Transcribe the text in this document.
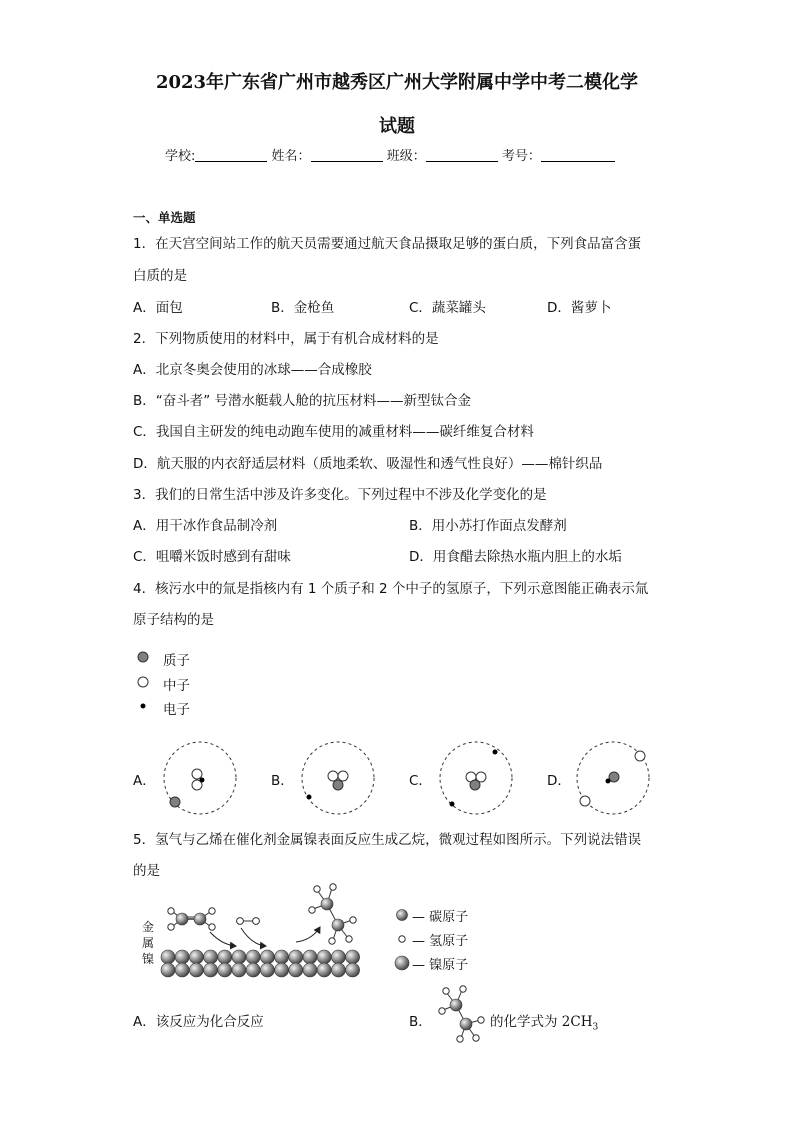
2023年广东省广州市越秀区广州大学附属中学中考二模化学
试题
学校:	姓名：	班级：	考号：
一、单选题
1．在天宫空间站工作的航天员需要通过航天食品摄取足够的蛋白质，下列食品富含蛋
白质的是
A．面包	B．金枪鱼	C．蔬菜罐头	D．酱萝卜
2．下列物质使用的材料中，属于有机合成材料的是
A．北京冬奥会使用的冰球——合成橡胶
B．“奋斗者” 号潜水艇载人舱的抗压材料——新型钛合金
C．我国自主研发的纯电动跑车使用的减重材料——碳纤维复合材料
D．航天服的内衣舒适层材料（质地柔软、吸湿性和透气性良好）——棉针织品
3．我们的日常生活中涉及许多变化。下列过程中不涉及化学变化的是
A．用干冰作食品制冷剂	B．用小苏打作面点发酵剂
C．咀嚼米饭时感到有甜味	D．用食醋去除热水瓶内胆上的水垢
4．核污水中的氚是指核内有 1 个质子和 2 个中子的氢原子，下列示意图能正确表示氚
原子结构的是
质子
中子
电子
A．	B．	C．	D．
5．氢气与乙烯在催化剂金属镍表面反应生成乙烷，微观过程如图所示。下列说法错误
的是
金
属
镍
— 碳原子
— 氢原子
— 镍原子
A．该反应为化合反应	B．	的化学式为 $2CH_3$
